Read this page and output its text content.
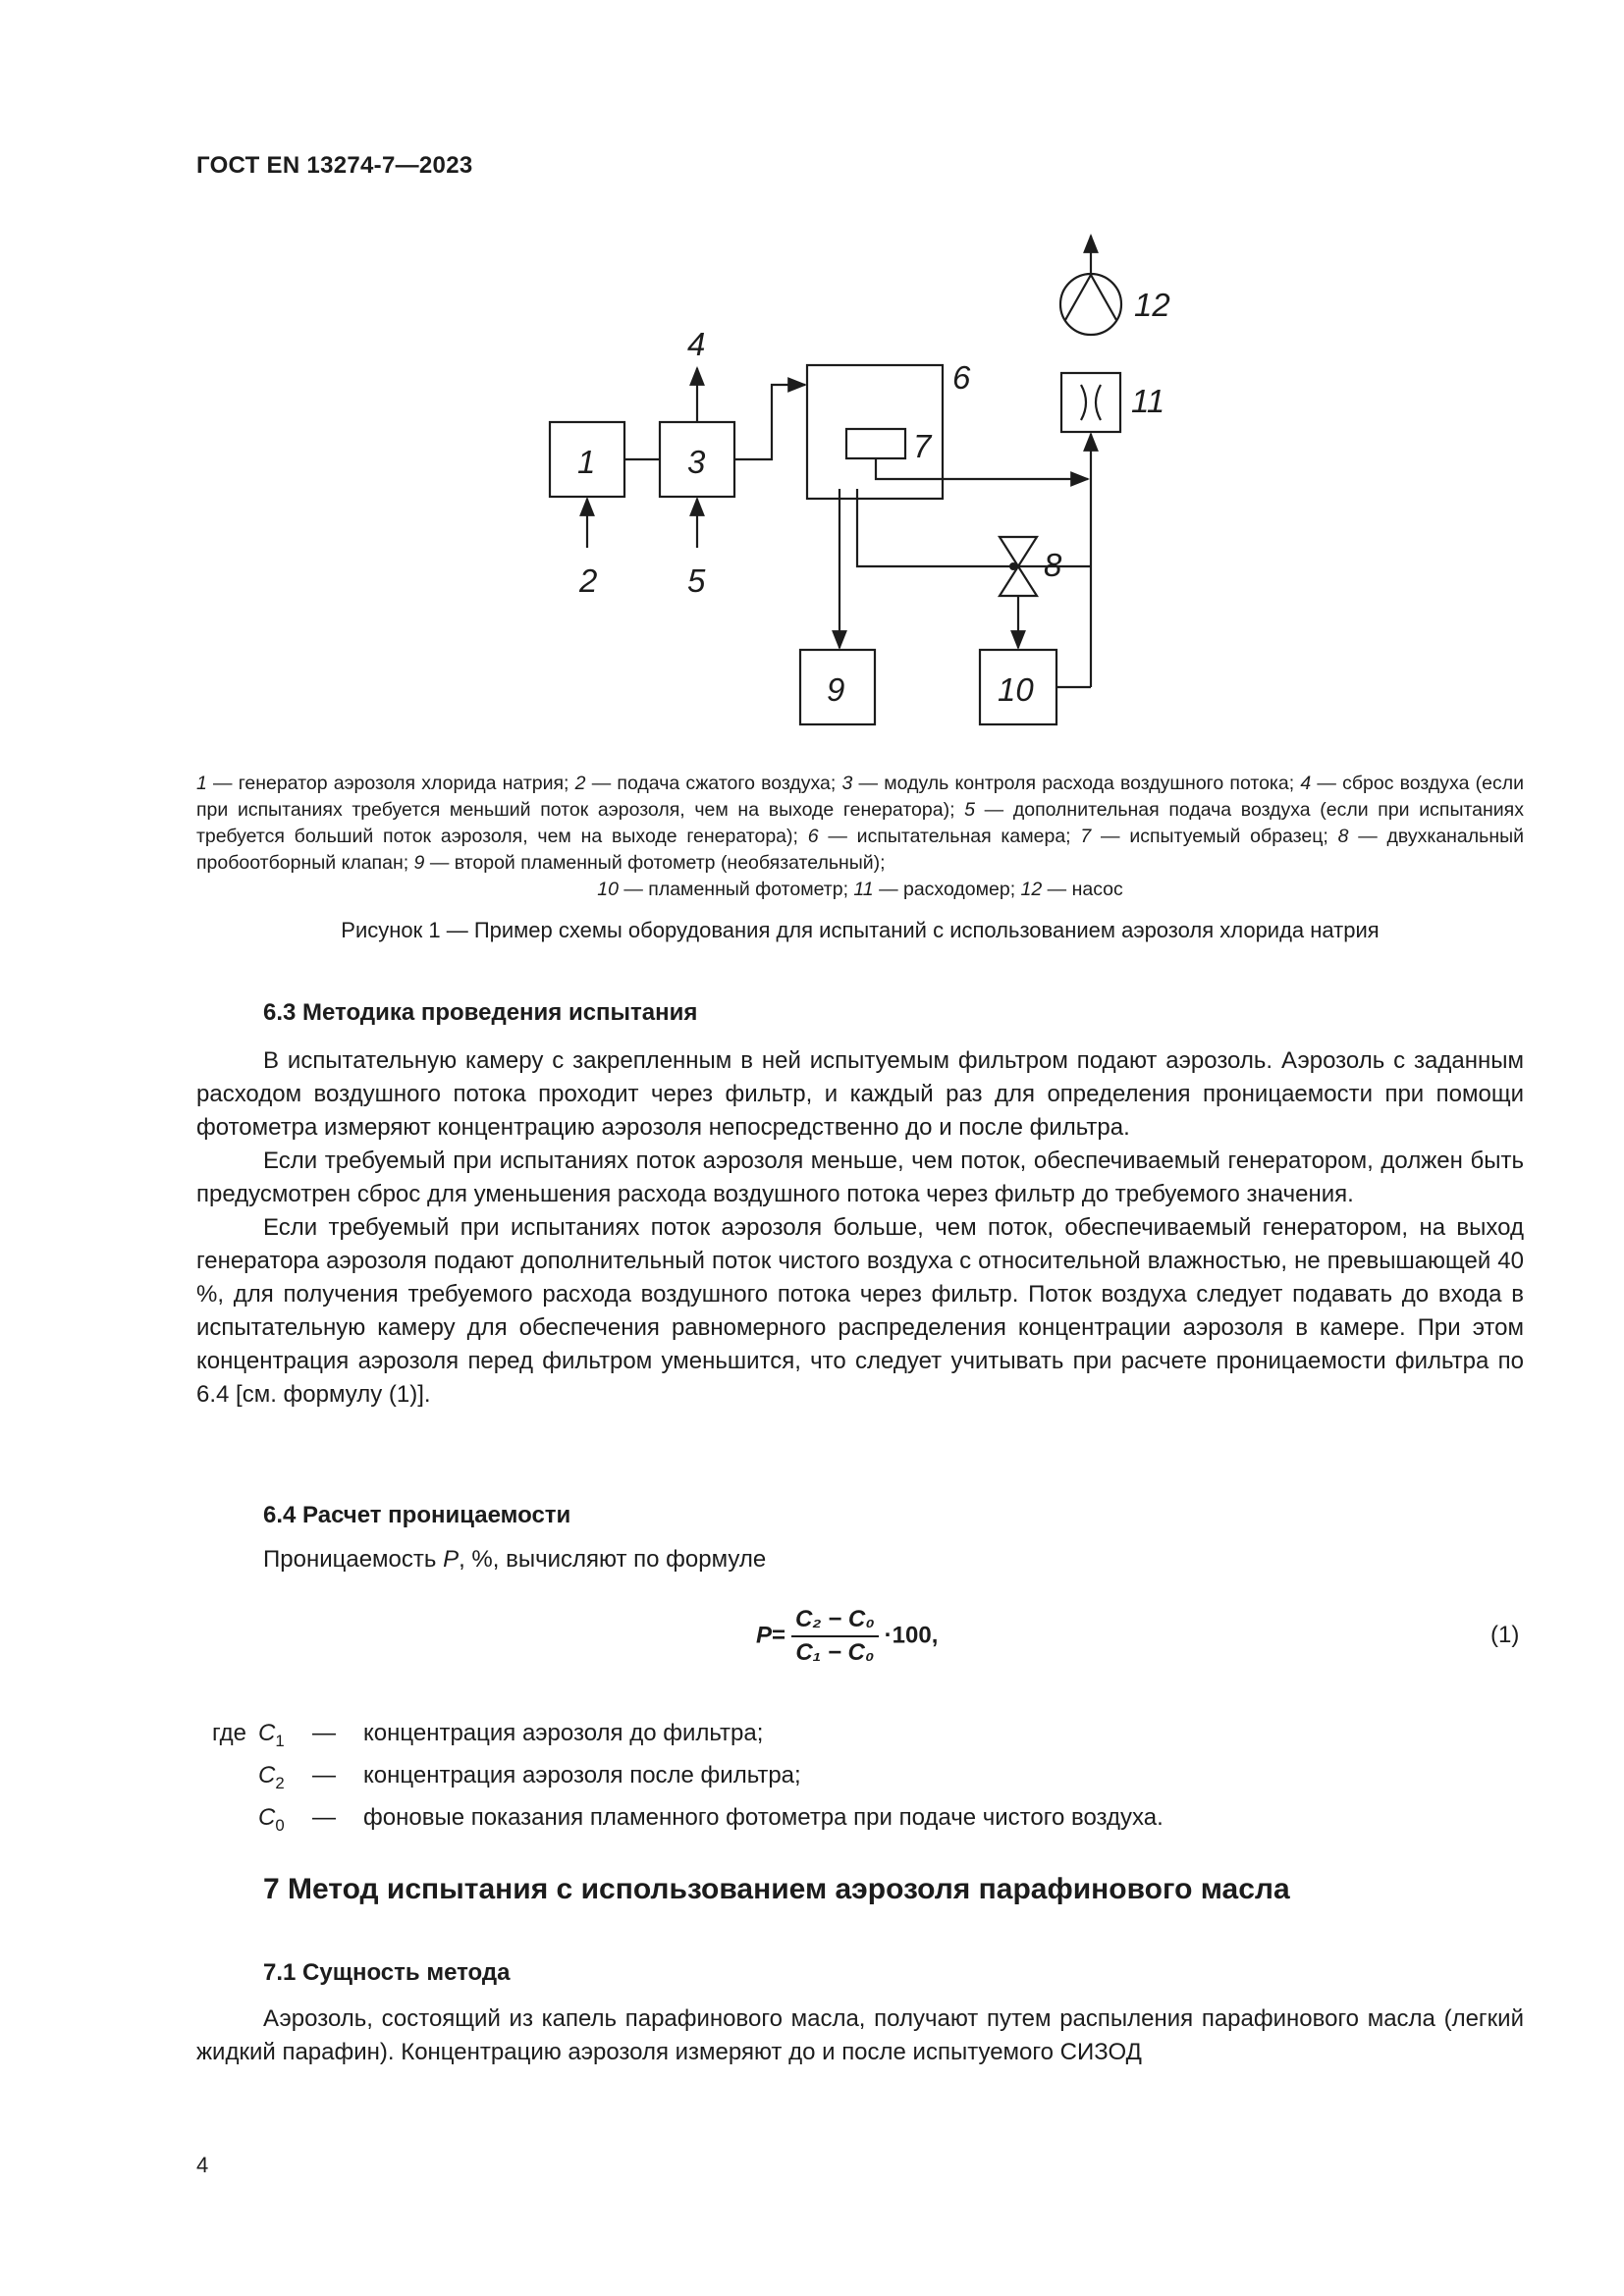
ГОСТ EN 13274-7—2023
1
2
3
4
5
6
7
8
9	10
11
12
1 — генератор аэрозоля хлорида натрия; 2 — подача сжатого воздуха; 3 — модуль контроля расхода воздушного потока; 4 — сброс воздуха (если при испытаниях требуется меньший поток аэрозоля, чем на выходе генератора); 5 — дополнительная подача воздуха (если при испытаниях требуется больший поток аэрозоля, чем на выходе генератора); 6 — испытательная камера; 7 — испытуемый образец; 8 — двухканальный пробоотборный клапан; 9 — второй пламенный фотометр (необязательный);
10 — пламенный фотометр; 11 — расходомер; 12 — насос
Рисунок 1 — Пример схемы оборудования для испытаний с использованием аэрозоля хлорида натрия
6.3 Методика проведения испытания

В испытательную камеру с закрепленным в ней испытуемым фильтром подают аэрозоль. Аэрозоль с заданным расходом воздушного потока проходит через фильтр, и каждый раз для определения проницаемости при помощи фотометра измеряют концентрацию аэрозоля непосредственно до и после фильтра.

Если требуемый при испытаниях поток аэрозоля меньше, чем поток, обеспечиваемый генератором, должен быть предусмотрен сброс для уменьшения расхода воздушного потока через фильтр до требуемого значения.

Если требуемый при испытаниях поток аэрозоля больше, чем поток, обеспечиваемый генератором, на выход генератора аэрозоля подают дополнительный поток чистого воздуха с относительной влажностью, не превышающей 40 %, для получения требуемого расхода воздушного потока через фильтр. Поток воздуха следует подавать до входа в испытательную камеру для обеспечения равномерного распределения концентрации аэрозоля в камере. При этом концентрация аэрозоля перед фильтром уменьшится, что следует учитывать при расчете проницаемости фильтра по 6.4 [см. формулу (1)].

6.4 Расчет проницаемости
Проницаемость P, %, вычисляют по формуле
$P= \frac{\text{C₂ − C₀}}{\text{C₁ − C₀}} \cdot 100$,	(1)
где $C_1$ — концентрация аэрозоля до фильтра;
$C_2$ — концентрация аэрозоля после фильтра;
$C_0$ — фоновые показания пламенного фотометра при подаче чистого воздуха.
7 Метод испытания с использованием аэрозоля парафинового масла
7.1 Сущность метода

Аэрозоль, состоящий из капель парафинового масла, получают путем распыления парафинового масла (легкий жидкий парафин). Концентрацию аэрозоля измеряют до и после испытуемого СИЗОД

4
